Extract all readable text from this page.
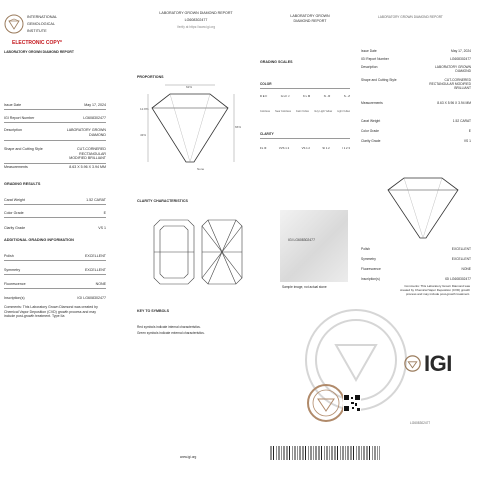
INTERNATIONAL
GEMOLOGICAL
INSTITUTE
ELECTRONIC COPY*
LABORATORY GROWN DIAMOND REPORT
Issue Date	May 17, 2024
IGI Report Number	LG608302477
Description	LABORATORY GROWN DIAMOND
Shape and Cutting Style	CUT-CORNERED RECTANGULAR MODIFIED BRILLIANT
Measurements	8.63 X 5.96 X 3.94 MM
GRADING RESULTS
Carat Weight	1.52 CARAT
Color Grade	E
Clarity Grade	VS 1
ADDITIONAL GRADING INFORMATION
Polish	EXCELLENT
Symmetry	EXCELLENT
Fluorescence	NONE
Inscription(s)	IGI LG608302477
Comments: This Laboratory Grown Diamond was created by Chemical Vapor Deposition (CVD) growth process and may include post-growth treatment. Type IIa
LABORATORY GROWN DIAMOND REPORT
LG608302477
Verify at https://www.igi.org
PROPORTIONS
62%
12.8%
43%
66%
None
CLARITY CHARACTERISTICS
KEY TO SYMBOLS
Red symbols indicate internal characteristics.
Green symbols indicate external characteristics.
www.igi.org
LABORATORY GROWN
DIAMOND REPORT
GRADING SCALES
COLOR
D E F	G H I J	K L M	N - R	S - Z
Colorless Near Colorless Faint Yellow Very Light Yellow Light Yellow
CLARITY
FL IF	VVS 1 2	VS 1 2	SI 1 2	I 1 2 3
IGI LG608302477
Sample image, not actual stone
LABORATORY GROWN DIAMOND REPORT
Issue Date	May 17, 2024
IGI Report Number	LG608302477
Description	LABORATORY GROWN DIAMOND
Shape and Cutting Style	CUT-CORNERED RECTANGULAR MODIFIED BRILLIANT
Measurements	8.63 X 5.96 X 3.94 MM
Carat Weight	1.52 CARAT
Color Grade	E
Clarity Grade	VS 1
Polish	EXCELLENT
Symmetry	EXCELLENT
Fluorescence	NONE
Inscription(s)	IGI LG608302477
Comments: This Laboratory Grown Diamond was created by Chemical Vapor Deposition (CVD) growth process and may include post-growth treatment.
IGI
LG608302477
